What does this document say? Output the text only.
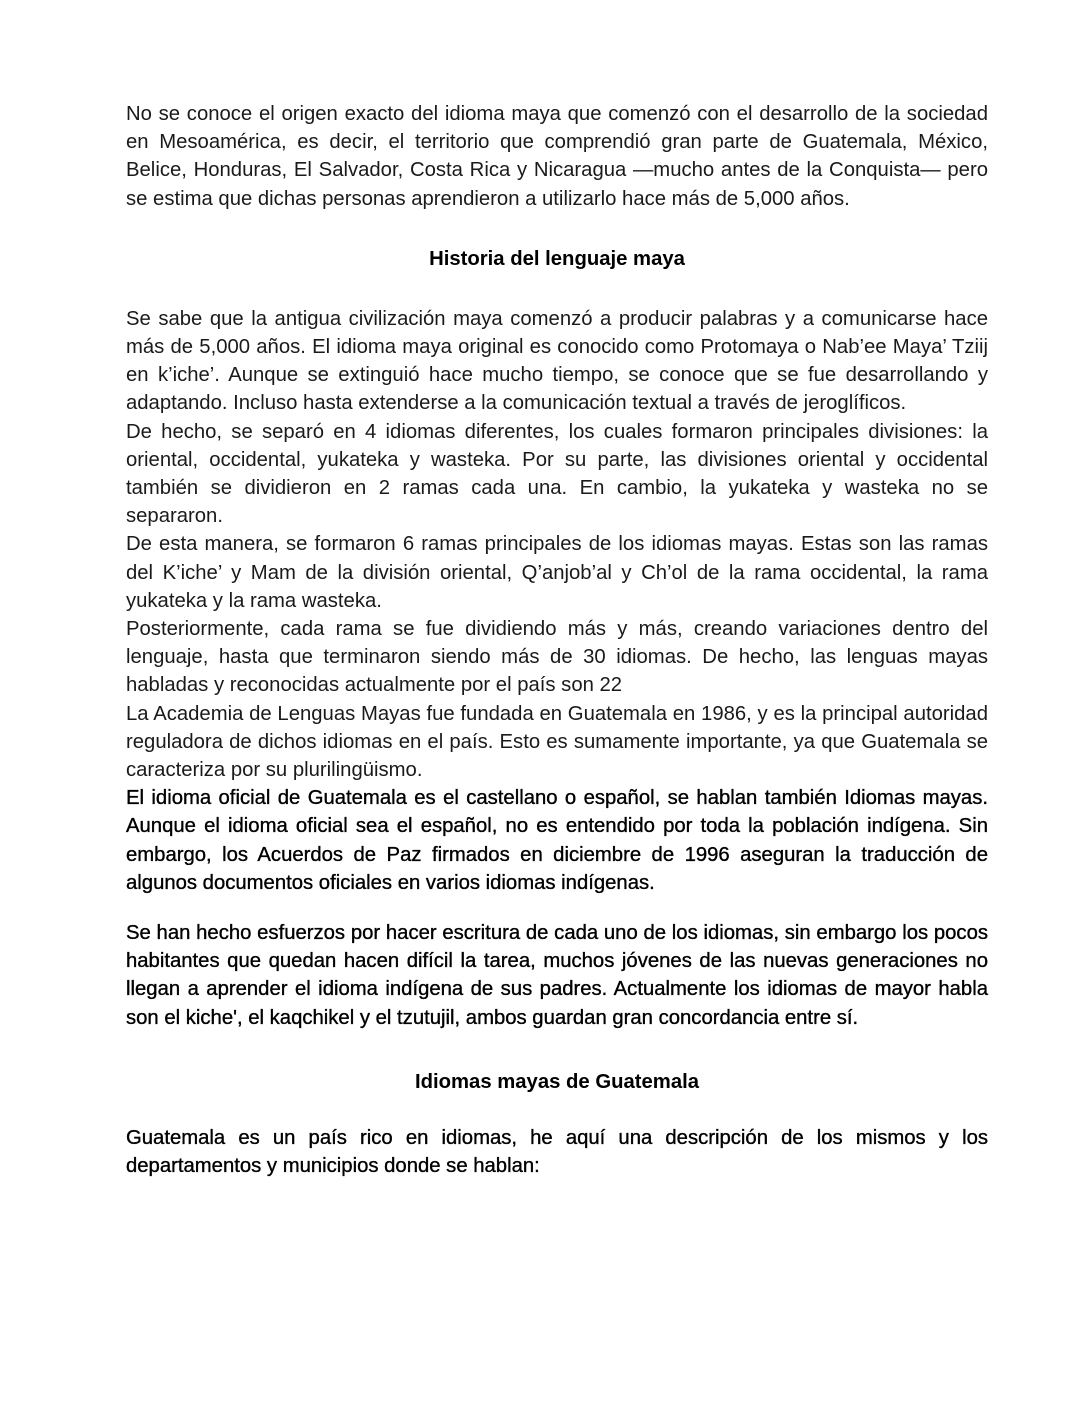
No se conoce el origen exacto del idioma maya que comenzó con el desarrollo de la sociedad en Mesoamérica, es decir, el territorio que comprendió gran parte de Guatemala, México, Belice, Honduras, El Salvador, Costa Rica y Nicaragua —mucho antes de la Conquista— pero se estima que dichas personas aprendieron a utilizarlo hace más de 5,000 años.

Historia del lenguaje maya

Se sabe que la antigua civilización maya comenzó a producir palabras y a comunicarse hace más de 5,000 años. El idioma maya original es conocido como Protomaya o Nab’ee Maya’ Tziij en k’iche’. Aunque se extinguió hace mucho tiempo, se conoce que se fue desarrollando y adaptando. Incluso hasta extenderse a la comunicación textual a través de jeroglíficos.

De hecho, se separó en 4 idiomas diferentes, los cuales formaron principales divisiones: la oriental, occidental, yukateka y wasteka. Por su parte, las divisiones oriental y occidental también se dividieron en 2 ramas cada una. En cambio, la yukateka y wasteka no se separaron.

De esta manera, se formaron 6 ramas principales de los idiomas mayas. Estas son las ramas del K’iche’ y Mam de la división oriental, Q’anjob’al y Ch’ol de la rama occidental, la rama yukateka y la rama wasteka.

Posteriormente, cada rama se fue dividiendo más y más, creando variaciones dentro del lenguaje, hasta que terminaron siendo más de 30 idiomas. De hecho, las lenguas mayas habladas y reconocidas actualmente por el país son 22

La Academia de Lenguas Mayas fue fundada en Guatemala en 1986, y es la principal autoridad reguladora de dichos idiomas en el país. Esto es sumamente importante, ya que Guatemala se caracteriza por su plurilingüismo.

El idioma oficial de Guatemala es el castellano o español, se hablan también Idiomas mayas. Aunque el idioma oficial sea el español, no es entendido por toda la población indígena. Sin embargo, los Acuerdos de Paz firmados en diciembre de 1996 aseguran la traducción de algunos documentos oficiales en varios idiomas indígenas.

Se han hecho esfuerzos por hacer escritura de cada uno de los idiomas, sin embargo los pocos habitantes que quedan hacen difícil la tarea, muchos jóvenes de las nuevas generaciones no llegan a aprender el idioma indígena de sus padres. Actualmente los idiomas de mayor habla son el kiche', el kaqchikel y el tzutujil, ambos guardan gran concordancia entre sí.

Idiomas mayas de Guatemala

Guatemala es un país rico en idiomas, he aquí una descripción de los mismos y los departamentos y municipios donde se hablan:
